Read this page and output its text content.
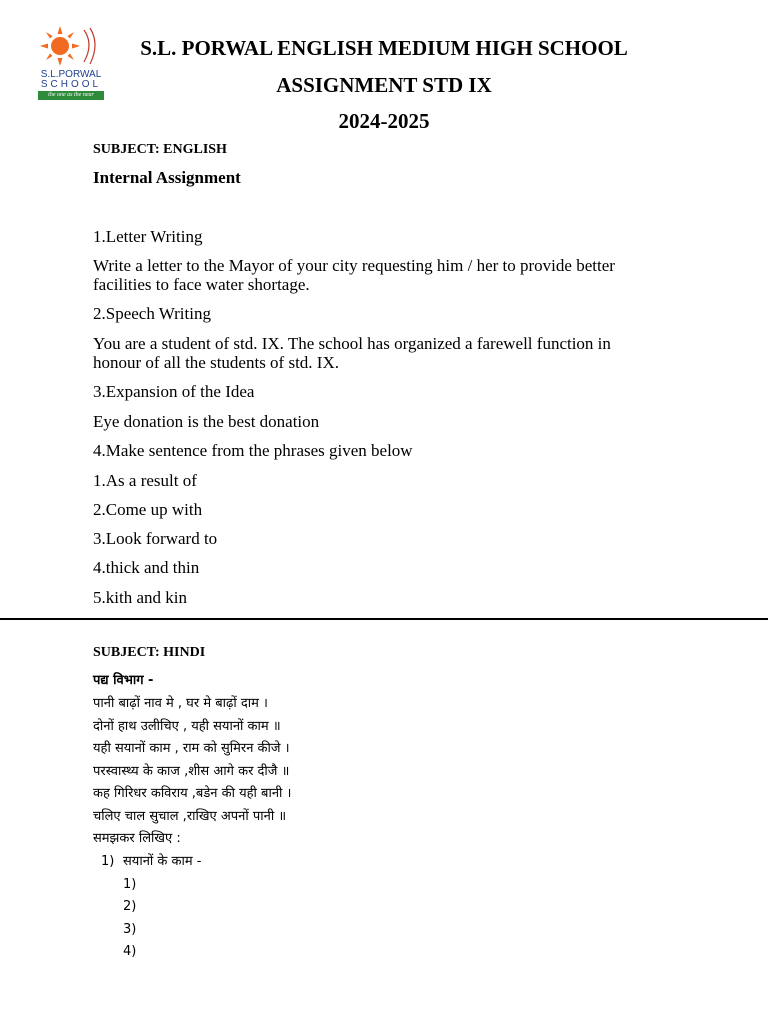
S.L.PORWAL
SCHOOL
the one as the near
S.L. PORWAL ENGLISH MEDIUM HIGH SCHOOL
ASSIGNMENT STD IX
2024-2025
SUBJECT: ENGLISH
Internal Assignment
1.Letter Writing
Write a letter to the Mayor of your city requesting him / her to provide better
facilities to face water shortage.
2.Speech Writing
You are a student of std. IX. The school has organized a farewell function in
honour of all the students of std. IX.
3.Expansion of the Idea
Eye donation is the best donation
4.Make sentence from the phrases given below
1.As a result of
2.Come up with
3.Look forward to
4.thick and thin
5.kith and kin
SUBJECT: HINDI
पद्य विभाग -
पानी बाढ़ों नाव मे , घर मे बाढ़ों दाम ।
दोनों हाथ उलीचिए , यही सयानों काम ॥
यही सयानों काम , राम को सुमिरन कीजे ।
परस्वास्थ्य के काज ,शीस आगे कर दीजै ॥
कह गिरिधर कविराय ,बडेन की यही बानी ।
चलिए चाल सुचाल ,राखिए अपनों पानी ॥
समझकर लिखिए :
1) सयानों के काम -
1)
2)
3)
4)
